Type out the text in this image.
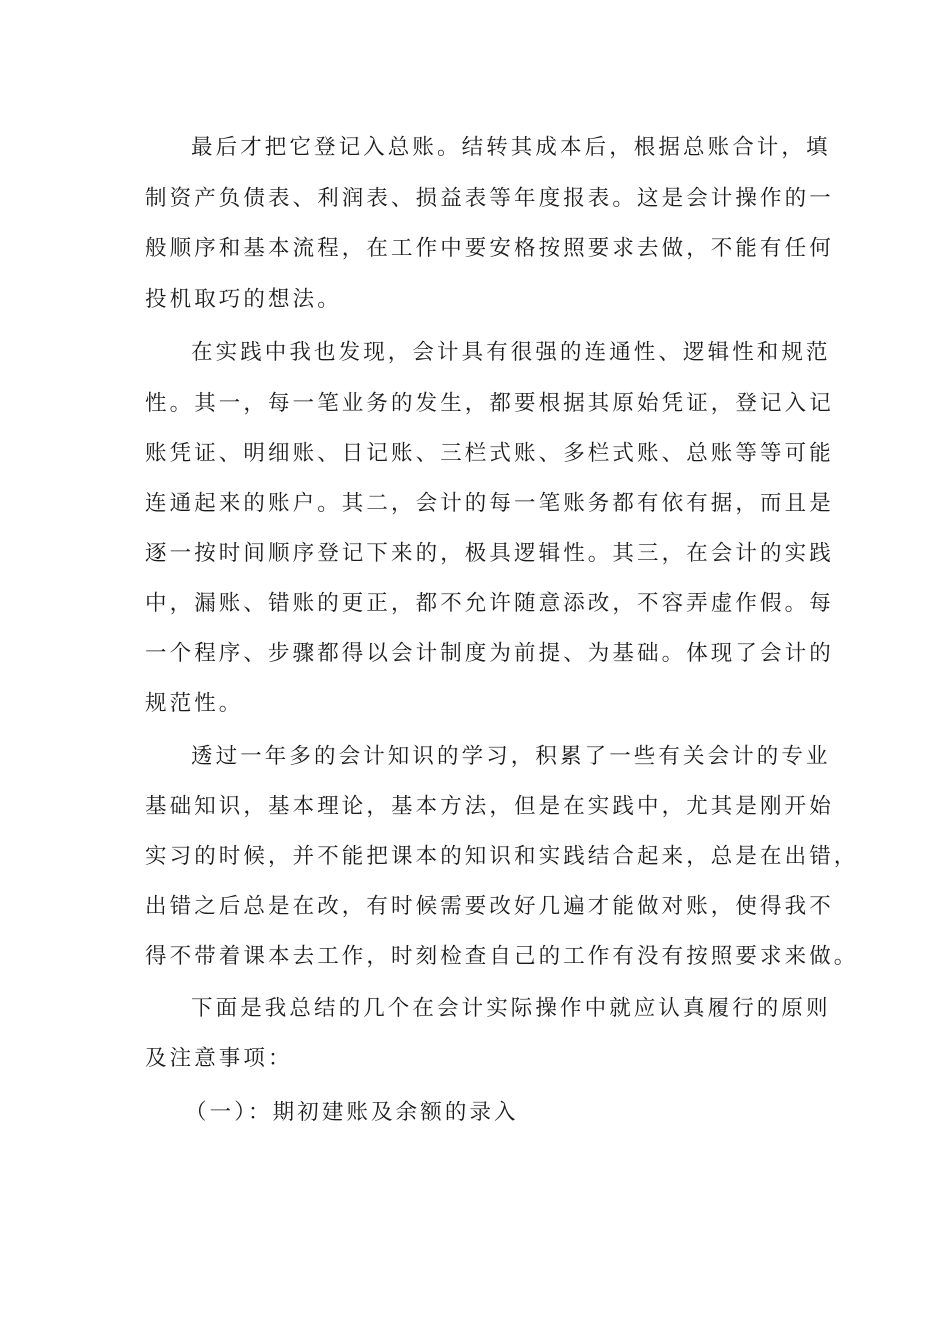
最后才把它登记入总账。结转其成本后，根据总账合计，填
制资产负债表、利润表、损益表等年度报表。这是会计操作的一
般顺序和基本流程，在工作中要安格按照要求去做，不能有任何
投机取巧的想法。
在实践中我也发现，会计具有很强的连通性、逻辑性和规范
性。其一，每一笔业务的发生，都要根据其原始凭证，登记入记
账凭证、明细账、日记账、三栏式账、多栏式账、总账等等可能
连通起来的账户。其二，会计的每一笔账务都有依有据，而且是
逐一按时间顺序登记下来的，极具逻辑性。其三，在会计的实践
中，漏账、错账的更正，都不允许随意添改，不容弄虚作假。每
一个程序、步骤都得以会计制度为前提、为基础。体现了会计的
规范性。
透过一年多的会计知识的学习，积累了一些有关会计的专业
基础知识，基本理论，基本方法，但是在实践中，尤其是刚开始
实习的时候，并不能把课本的知识和实践结合起来，总是在出错，
出错之后总是在改，有时候需要改好几遍才能做对账，使得我不
得不带着课本去工作，时刻检查自己的工作有没有按照要求来做。
下面是我总结的几个在会计实际操作中就应认真履行的原则
及注意事项：
（一）：期初建账及余额的录入
